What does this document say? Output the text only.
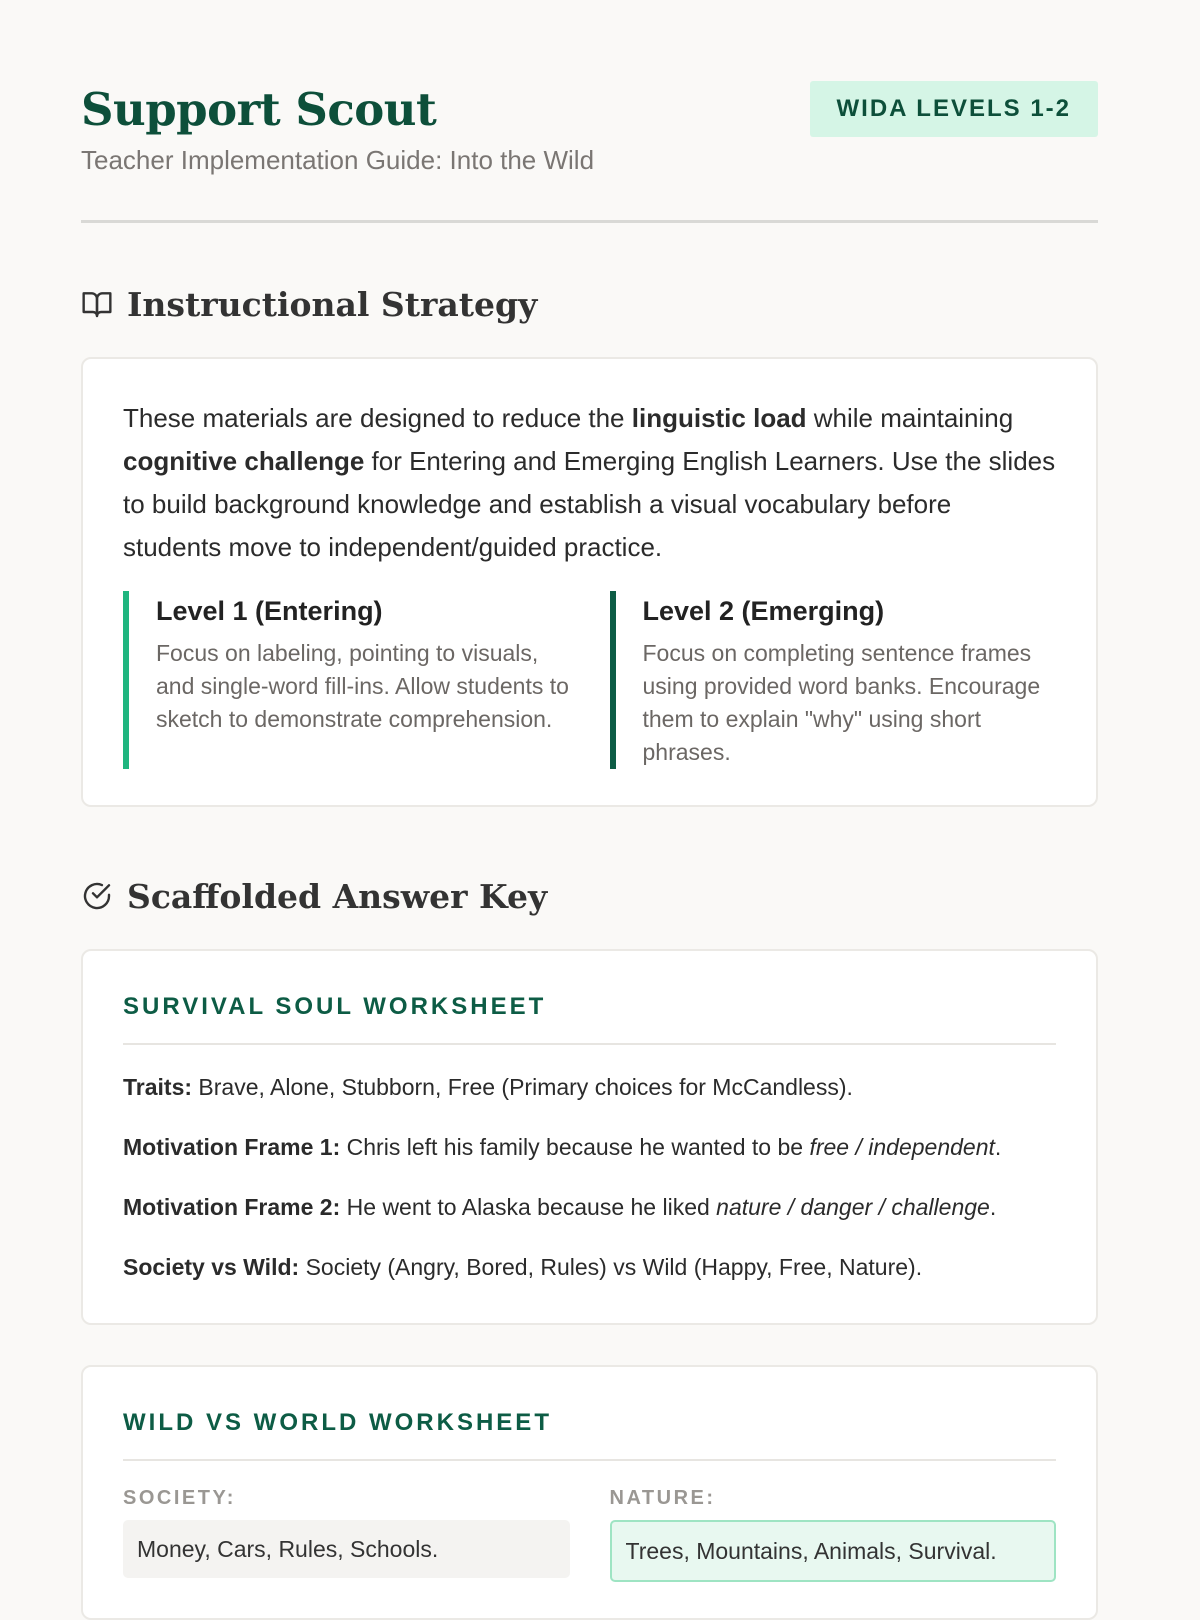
Support Scout
Teacher Implementation Guide: Into the Wild
WIDA LEVELS 1-2
Instructional Strategy

These materials are designed to reduce the linguistic load while maintaining cognitive challenge for Entering and Emerging English Learners. Use the slides to build background knowledge and establish a visual vocabulary before students move to independent/guided practice.

Level 1 (Entering)

Focus on labeling, pointing to visuals, and single-word fill-ins. Allow students to sketch to demonstrate comprehension.

Level 2 (Emerging)

Focus on completing sentence frames using provided word banks. Encourage them to explain "why" using short phrases.

Scaffolded Answer Key

SURVIVAL SOUL WORKSHEET

Traits: Brave, Alone, Stubborn, Free (Primary choices for McCandless).

Motivation Frame 1: Chris left his family because he wanted to be free / independent.

Motivation Frame 2: He went to Alaska because he liked nature / danger / challenge.

Society vs Wild: Society (Angry, Bored, Rules) vs Wild (Happy, Free, Nature).

WILD VS WORLD WORKSHEET

SOCIETY:

Money, Cars, Rules, Schools.

NATURE:

Trees, Mountains, Animals, Survival.
